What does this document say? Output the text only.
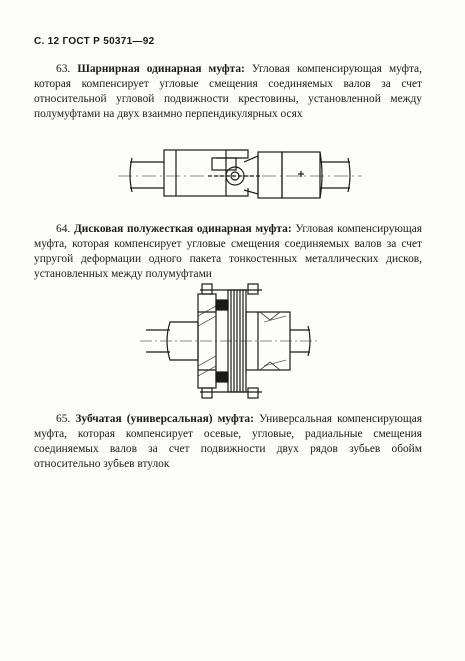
С. 12 ГОСТ Р 50371—92
63. Шарнирная одинарная муфта: Угловая компенсирующая муфта, которая компенсирует угловые смещения соединяемых валов за счет относительной угловой подвижности крестовины, установленной между полумуфтами на двух взаимно перпендикулярных осях
64. Дисковая полужесткая одинарная муфта: Угловая компенсирующая муфта, которая компенсирует угловые смещения соединяемых валов за счет упругой деформации одного пакета тонкостенных металлических дисков, установленных между полумуфтами
65. Зубчатая (универсальная) муфта: Универсальная компенсирующая муфта, которая компенсирует осевые, угловые, радиальные смещения соединяемых валов за счет подвижности двух рядов зубьев обойм относительно зубьев втулок
